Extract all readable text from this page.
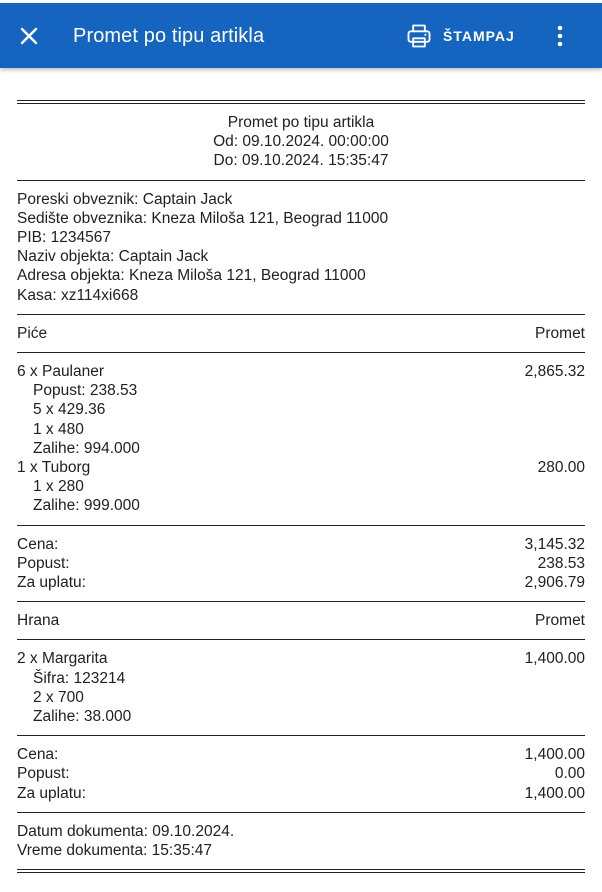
Promet po tipu artikla	ŠTAMPAJ
Promet po tipu artikla
Od: 09.10.2024. 00:00:00
Do: 09.10.2024. 15:35:47
Poreski obveznik: Captain Jack
Sedište obveznika: Kneza Miloša 121, Beograd 11000
PIB: 1234567
Naziv objekta: Captain Jack
Adresa objekta: Kneza Miloša 121, Beograd 11000
Kasa: xz114xi668
Piće	Promet
6 x Paulaner	2,865.32
Popust: 238.53
5 x 429.36
1 x 480
Zalihe: 994.000
1 x Tuborg	280.00
1 x 280
Zalihe: 999.000
Cena:	3,145.32
Popust:	238.53
Za uplatu:	2,906.79
Hrana	Promet
2 x Margarita	1,400.00
Šifra: 123214
2 x 700
Zalihe: 38.000
Cena:	1,400.00
Popust:	0.00
Za uplatu:	1,400.00
Datum dokumenta: 09.10.2024.
Vreme dokumenta: 15:35:47
